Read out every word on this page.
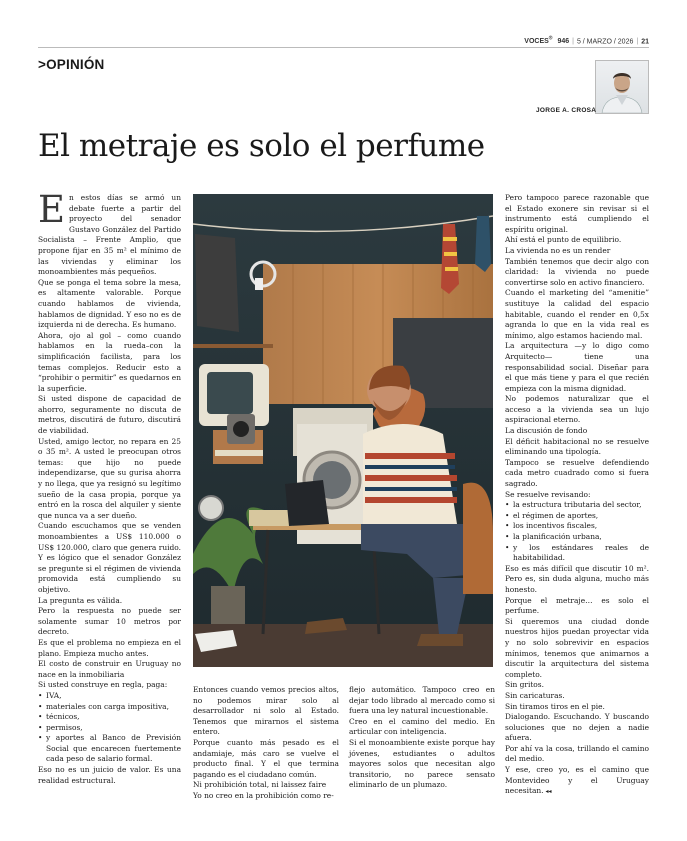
VOCES® 946 | 5 / MARZO / 2026 | 21
>OPINIÓN
JORGE A. CROSA
El metraje es solo el perfume

En estos días se armó un debate fuerte a partir del proyecto del senador Gustavo González del Partido Socialista – Frente Amplio, que propone fijar en 35 m² el mínimo de las viviendas y eliminar los monoambientes más pequeños.

Que se ponga el tema sobre la mesa, es altamente valorable. Porque cuando hablamos de vivienda, hablamos de dignidad. Y eso no es de izquierda ni de derecha. Es humano.

Ahora, ojo al gol – como cuando hablamos en la rueda–con la simplificación facilista, para los temas complejos. Reducir esto a “prohibir o permitir” es quedarnos en la superficie.

Si usted dispone de capacidad de ahorro, seguramente no discuta de metros, discutirá de futuro, discutirá de viabilidad.

Usted, amigo lector, no repara en 25 o 35 m². A usted le preocupan otros temas: que hijo no puede independizarse, que su gurisa ahorra y no llega, que ya resignó su legítimo sueño de la casa propia, porque ya entró en la rosca del alquiler y siente que nunca va a ser dueño.

Cuando escuchamos que se venden monoambientes a US$ 110.000 o US$ 120.000, claro que genera ruido. Y es lógico que el senador González se pregunte si el régimen de vivienda promovida está cumpliendo su objetivo.

La pregunta es válida.

Pero la respuesta no puede ser solamente sumar 10 metros por decreto.

Es que el problema no empieza en el plano. Empieza mucho antes.

El costo de construir en Uruguay no nace en la inmobiliaria

Si usted construye en regla, paga:

• IVA,
• materiales con carga impositiva,
• técnicos,
• permisos,
• y aportes al Banco de Previsión Social que encarecen fuertemente cada peso de salario formal.

Eso no es un juicio de valor. Es una realidad estructural.

Entonces cuando vemos precios altos, no podemos mirar solo al desarrollador ni solo al Estado. Tenemos que mirarnos el sistema entero.

Porque cuanto más pesado es el andamiaje, más caro se vuelve el producto final. Y el que termina pagando es el ciudadano común.

Ni prohibición total, ni laissez faire

Yo no creo en la prohibición como re-

flejo automático. Tampoco creo en dejar todo librado al mercado como si fuera una ley natural incuestionable.

Creo en el camino del medio. En articular con inteligencia.

Si el monoambiente existe porque hay jóvenes, estudiantes o adultos mayores solos que necesitan algo transitorio, no parece sensato eliminarlo de un plumazo.

Pero tampoco parece razonable que el Estado exonere sin revisar si el instrumento está cumpliendo el espíritu original.

Ahí está el punto de equilibrio.

La vivienda no es un render

También tenemos que decir algo con claridad: la vivienda no puede convertirse solo en activo financiero.

Cuando el marketing del “amenitie” sustituye la calidad del espacio habitable, cuando el render en 0,5x agranda lo que en la vida real es mínimo, algo estamos haciendo mal.

La arquitectura —y lo digo como Arquitecto— tiene una responsabilidad social. Diseñar para el que más tiene y para el que recién empieza con la misma dignidad.

No podemos naturalizar que el acceso a la vivienda sea un lujo aspiracional eterno.

La discusión de fondo

El déficit habitacional no se resuelve eliminando una tipología.

Tampoco se resuelve defendiendo cada metro cuadrado como si fuera sagrado.

Se resuelve revisando:

• la estructura tributaria del sector,
• el régimen de aportes,
• los incentivos fiscales,
• la planificación urbana,
• y los estándares reales de habitabilidad.

Eso es más difícil que discutir 10 m². Pero es, sin duda alguna, mucho más honesto.

Porque el metraje… es solo el perfume.

Si queremos una ciudad donde nuestros hijos puedan proyectar vida y no solo sobrevivir en espacios mínimos, tenemos que animarnos a discutir la arquitectura del sistema completo.

Sin gritos.

Sin caricaturas.

Sin tiramos tiros en el pie.

Dialogando. Escuchando. Y buscando soluciones que no dejen a nadie afuera.

Por ahí va la cosa, trillando el camino del medio.

Y ese, creo yo, es el camino que Montevideo y el Uruguay necesitan. ◂◂
